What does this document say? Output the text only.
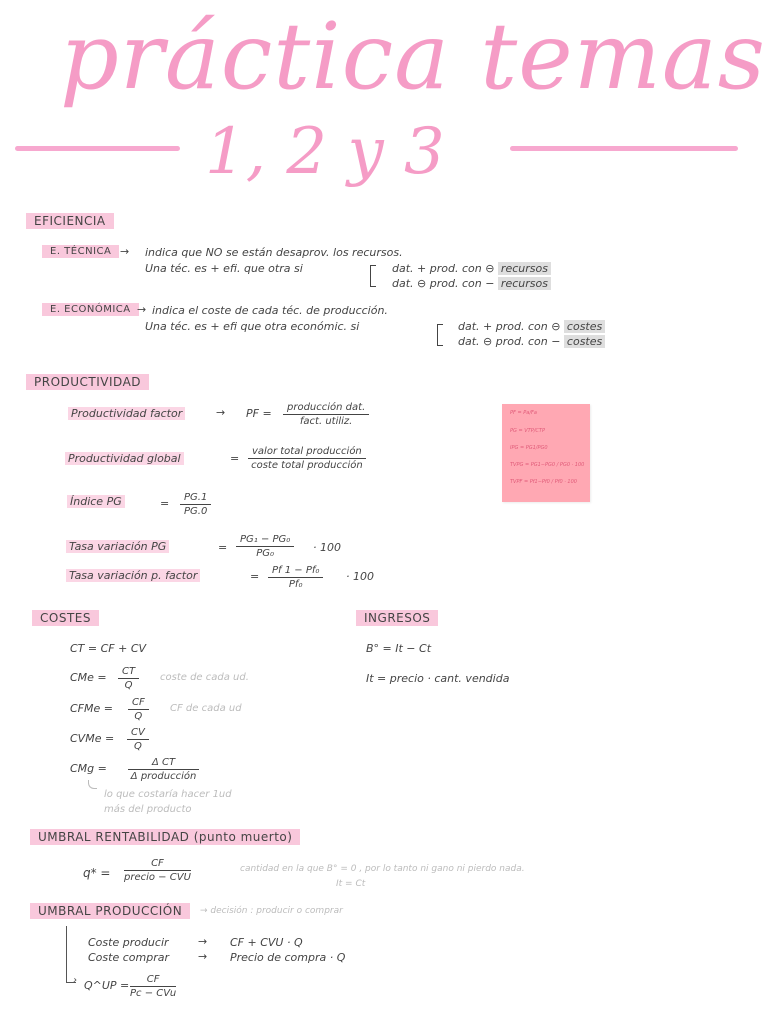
práctica temas
1, 2 y 3
EFICIENCIA
E. TÉCNICA → indica que NO se están desaprov. los recursos.
Una téc. es + efi. que otra si	dat. + prod. con ⊖ recursos
dat. ⊖ prod. con − recursos
E. ECONÓMICA → indica el coste de cada téc. de producción.
Una téc. es + efi que otra económic. si	dat. + prod. con ⊖ costes
dat. ⊖ prod. con − costes
PRODUCTIVIDAD
Productividad factor	→ PF =	producción dat.
fact. utiliz.
Productividad global	=
valor total producción
coste total producción
Índice PG	= $\frac{PG.1}{PG.0}$
Tasa variación PG	= $\frac{\text{PG₁ − PG₀}}{\text{PG₀}} \cdot 100$
Tasa variación p. factor	= $\frac{\text{Pf 1 − Pf₀}}{\text{Pf₀}} \cdot 100$
PF = Pa/Fa
PG = VTP/CTP
IPG = PG1/PG0
TVPG = PG1−PG0 / PG0 · 100
TVPF = Pf1−Pf0 / Pf0 · 100
COSTES
CT = CF + CV
CMe = $\frac{CT}{Q}$ coste de cada ud.
CFMe = $\frac{CF}{Q}$ CF de cada ud
CVMe = $\frac{CV}{Q}$
CMg =	Δ CT
Δ producción
lo que costaría hacer 1ud
más del producto
INGRESOS
B° = It − Ct
It = precio · cant. vendida
UMBRAL RENTABILIDAD (punto muerto)
q* =
CF
precio − CVU
cantidad en la que B° = 0 , por lo tanto ni gano ni pierdo nada.
It = Ct
UMBRAL PRODUCCIÓN	→ decisión : producir o comprar
›
Coste producir	→ CF + CVU · Q
Coste comprar	→ Precio de compra · Q
Q^UP =	CF
Pc − CVu
